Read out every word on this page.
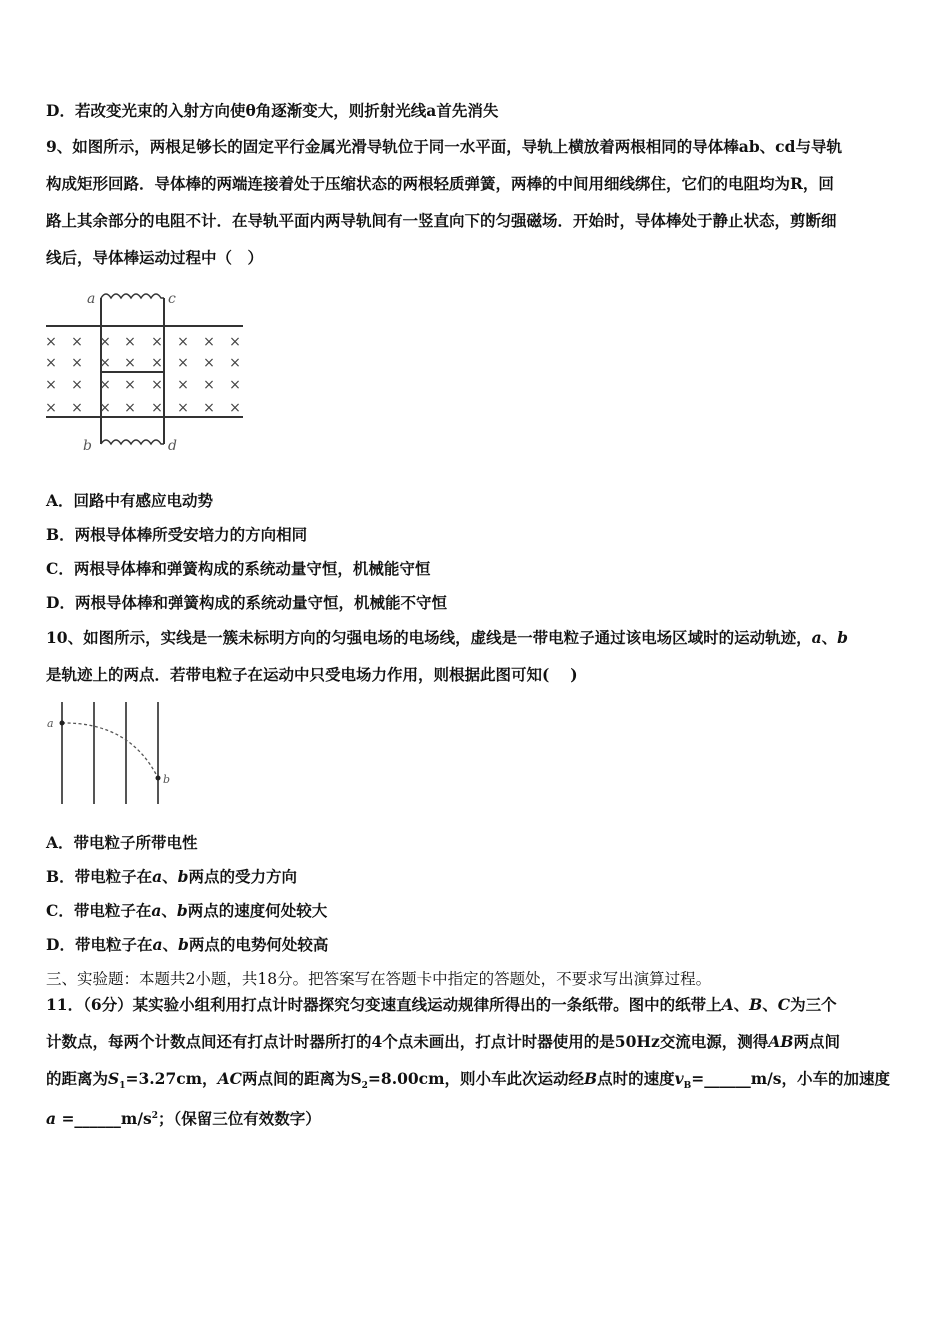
D．若改变光束的入射方向使θ角逐渐变大，则折射光线a首先消失
9、如图所示，两根足够长的固定平行金属光滑导轨位于同一水平面，导轨上横放着两根相同的导体棒ab、cd与导轨
构成矩形回路．导体棒的两端连接着处于压缩状态的两根轻质弹簧，两棒的中间用细线绑住，它们的电阻均为R，回
路上其余部分的电阻不计．在导轨平面内两导轨间有一竖直向下的匀强磁场．开始时，导体棒处于静止状态，剪断细
线后，导体棒运动过程中（　）
a	c
b	d
× × × × × × × ×
× × × × × × × ×
× × × × × × × ×
× × × × × × × ×
A．回路中有感应电动势
B．两根导体棒所受安培力的方向相同
C．两根导体棒和弹簧构成的系统动量守恒，机械能守恒
D．两根导体棒和弹簧构成的系统动量守恒，机械能不守恒
10、如图所示，实线是一簇未标明方向的匀强电场的电场线，虚线是一带电粒子通过该电场区域时的运动轨迹，a、b
是轨迹上的两点．若带电粒子在运动中只受电场力作用，则根据此图可知(　 )
a
b
A．带电粒子所带电性
B．带电粒子在a、b两点的受力方向
C．带电粒子在a、b两点的速度何处较大
D．带电粒子在a、b两点的电势何处较高
三、实验题：本题共2小题，共18分。把答案写在答题卡中指定的答题处，不要求写出演算过程。
11．（6分）某实验小组利用打点计时器探究匀变速直线运动规律所得出的一条纸带。图中的纸带上A、B、C为三个
计数点，每两个计数点间还有打点计时器所打的4个点未画出，打点计时器使用的是50Hz交流电源，测得AB两点间
的距离为$S_1=3.27cm$，AC两点间的距离为$S_2=8.00cm$，则小车此次运动经B点时的速度$v_B=\_\_\_\_\_\_m/s$，小车的加速度
$a =\_\_\_\_\_\_m/s^2$；（保留三位有效数字）
